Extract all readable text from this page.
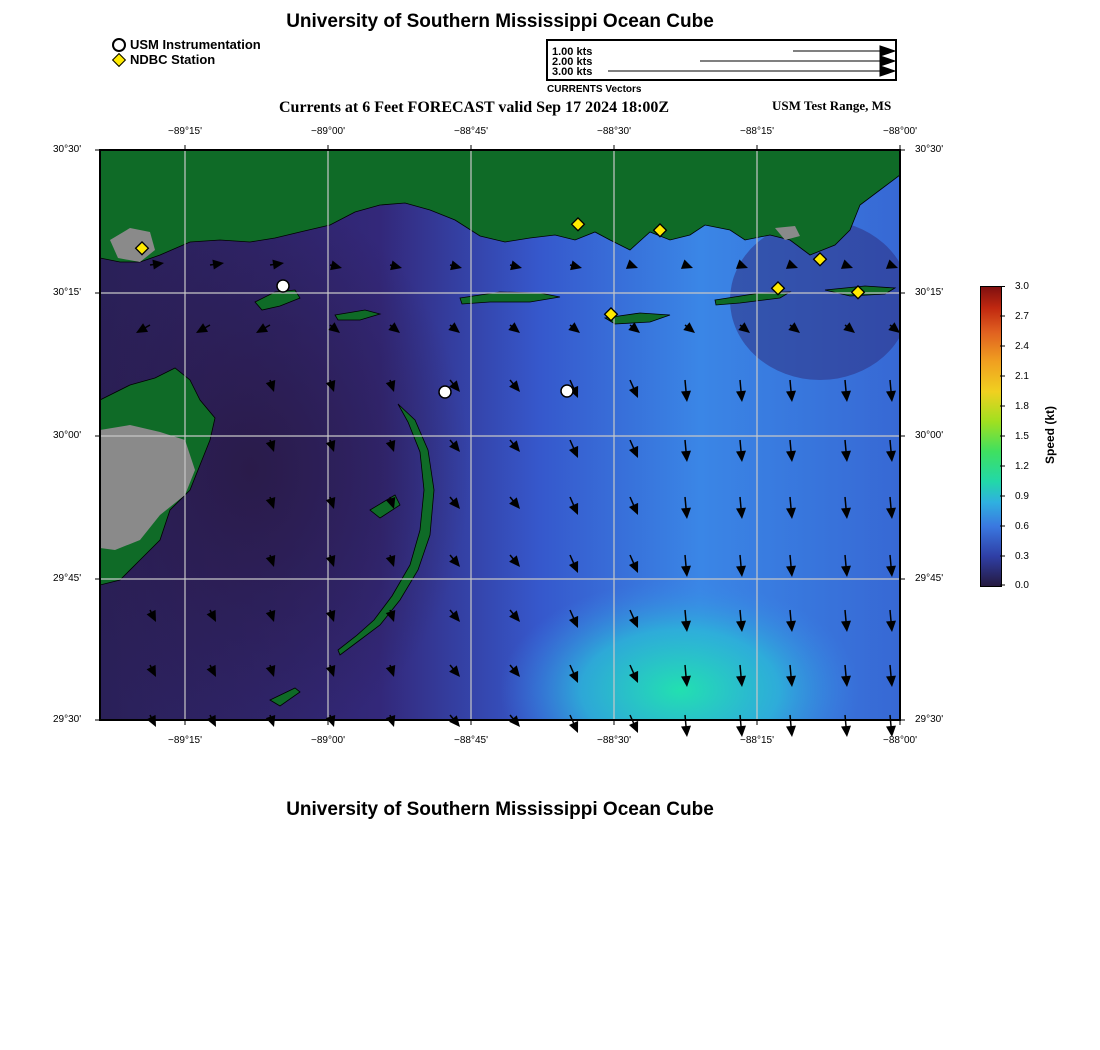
University of Southern Mississippi Ocean Cube
USM Instrumentation
NDBC Station	1.00 kts
2.00 kts
3.00 kts
CURRENTS Vectors
Currents at 6 Feet FORECAST valid Sep 17 2024 18:00Z	USM Test Range, MS
−89°15'	−89°00'	−88°45'	−88°30'	−88°15'	−88°00'
−89°15'	−89°00'	−88°45'	−88°30'	−88°15'	−88°00'
30°30'
30°15'
30°00'
29°45'
29°30'
30°30'
30°15'
30°00'
29°45'
29°30'
3.0
2.7
2.4
2.1
1.8
1.5
1.2
0.9
0.6
0.3
0.0
Speed (kt)
University of Southern Mississippi Ocean Cube
